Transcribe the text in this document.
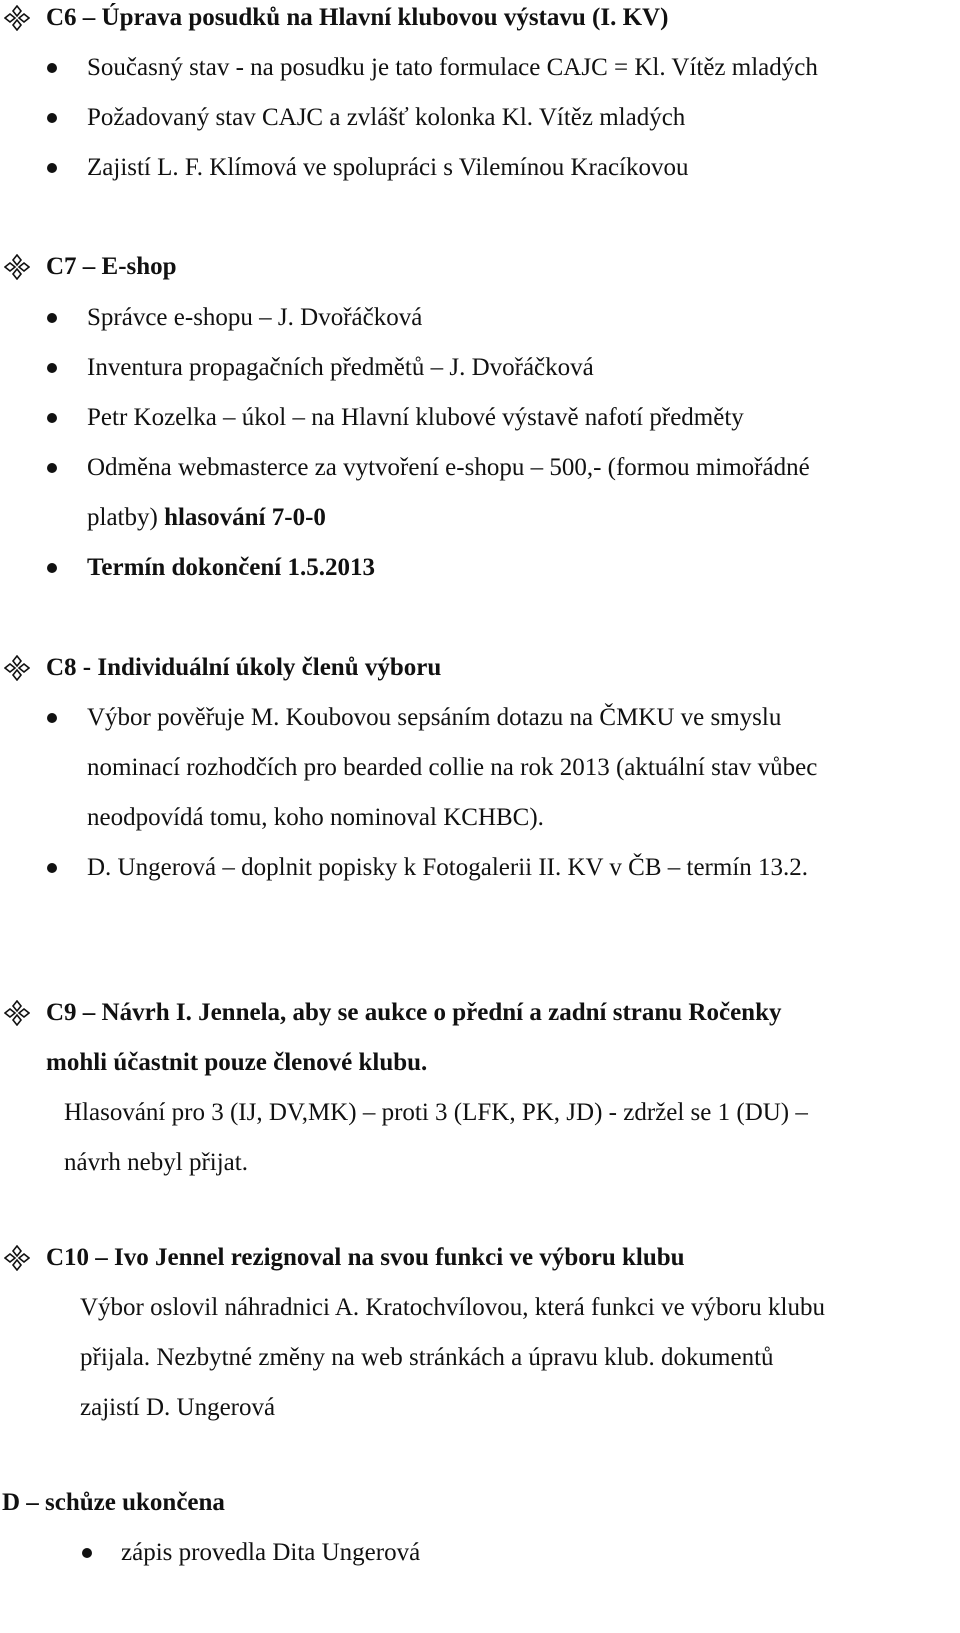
C6 – Úprava posudků na Hlavní klubovou výstavu (I. KV)
Současný stav - na posudku je tato formulace CAJC = Kl. Vítěz mladých
Požadovaný stav CAJC a zvlášť kolonka Kl. Vítěz mladých
Zajistí L. F. Klímová ve spolupráci s Vilemínou Kracíkovou
C7 – E-shop
Správce e-shopu – J. Dvořáčková
Inventura propagačních předmětů – J. Dvořáčková
Petr Kozelka – úkol – na Hlavní klubové výstavě nafotí předměty
Odměna webmasterce za vytvoření e-shopu – 500,- (formou mimořádné
platby) hlasování 7-0-0
Termín dokončení 1.5.2013
C8 - Individuální úkoly členů výboru
Výbor pověřuje M. Koubovou sepsáním dotazu na ČMKU ve smyslu
nominací rozhodčích pro bearded collie na rok 2013 (aktuální stav vůbec
neodpovídá tomu, koho nominoval KCHBC).
D. Ungerová – doplnit popisky k Fotogalerii II. KV v ČB – termín 13.2.
C9 – Návrh I. Jennela, aby se aukce o přední a zadní stranu Ročenky
mohli účastnit pouze členové klubu.
Hlasování pro 3 (IJ, DV,MK) – proti 3 (LFK, PK, JD) - zdržel se 1 (DU) –
návrh nebyl přijat.
C10 – Ivo Jennel rezignoval na svou funkci ve výboru klubu
Výbor oslovil náhradnici A. Kratochvílovou, která funkci ve výboru klubu
přijala. Nezbytné změny na web stránkách a úpravu klub. dokumentů
zajistí D. Ungerová
D – schůze ukončena
zápis provedla Dita Ungerová
